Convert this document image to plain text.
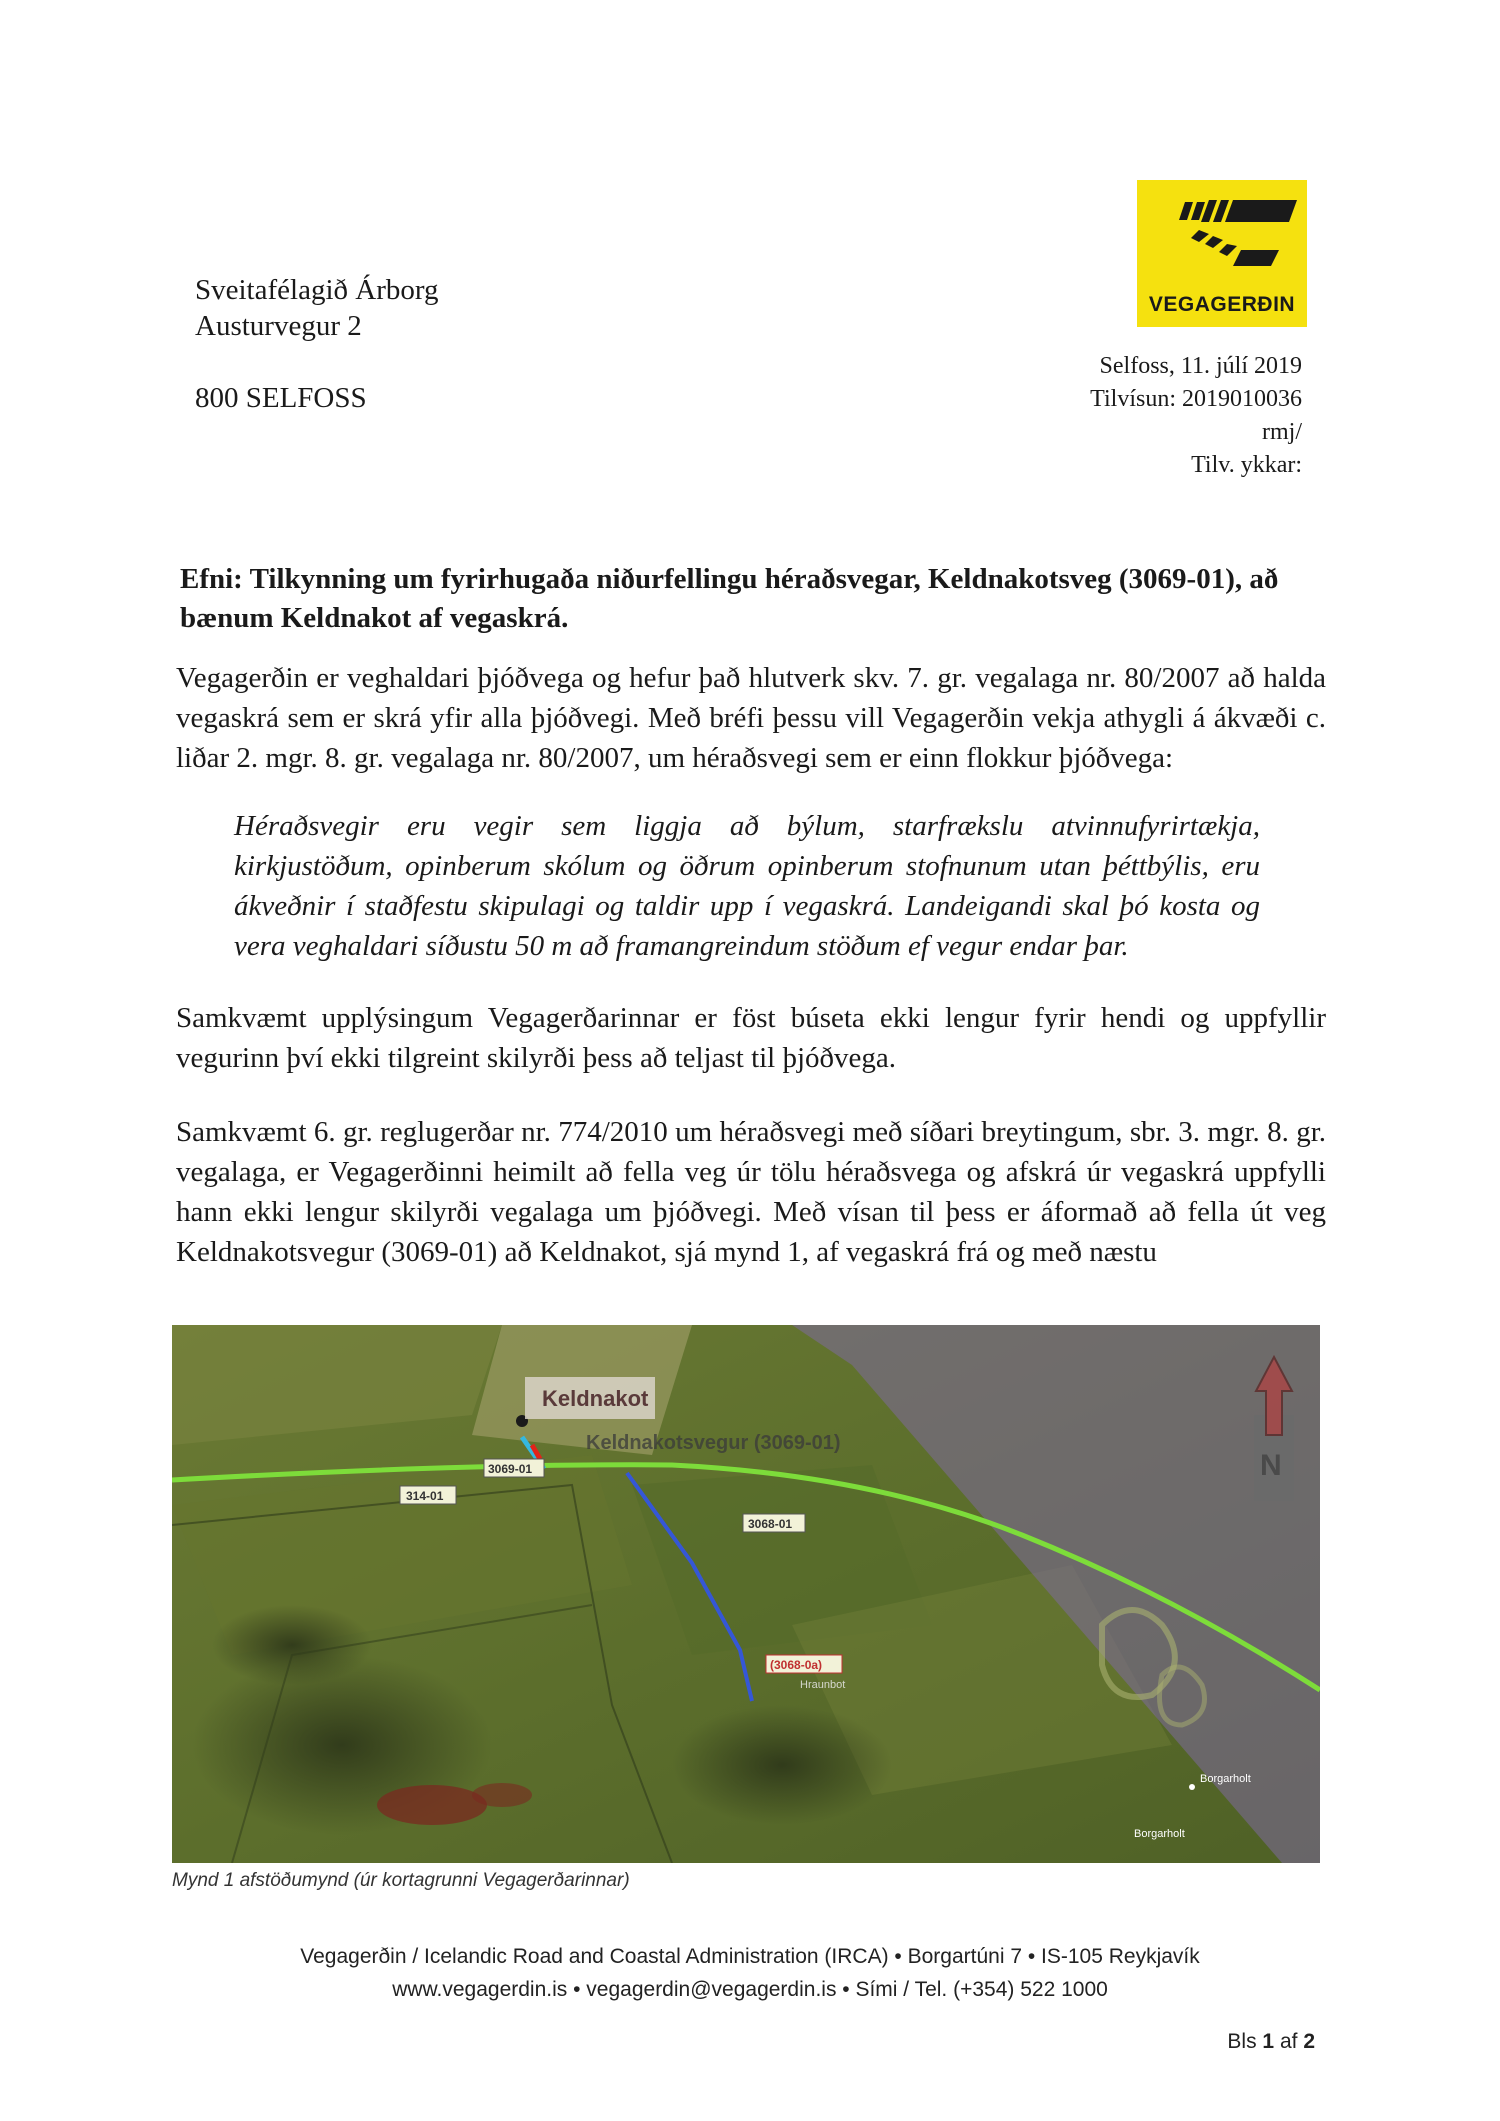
Sveitafélagið Árborg
Austurvegur 2
800 SELFOSS
VEGAGERÐIN
Selfoss, 11. júlí 2019
Tilvísun: 2019010036
rmj/
Tilv. ykkar:
Efni: Tilkynning um fyrirhugaða niðurfellingu héraðsvegar, Keldnakotsveg (3069-01), að bænum Keldnakot af vegaskrá.
Vegagerðin er veghaldari þjóðvega og hefur það hlutverk skv. 7. gr. vegalaga nr. 80/2007 að halda vegaskrá sem er skrá yfir alla þjóðvegi. Með bréfi þessu vill Vegagerðin vekja athygli á ákvæði c. liðar 2. mgr. 8. gr. vegalaga nr. 80/2007, um héraðsvegi sem er einn flokkur þjóðvega:
Héraðsvegir eru vegir sem liggja að býlum, starfrækslu atvinnufyrirtækja, kirkjustöðum, opinberum skólum og öðrum opinberum stofnunum utan þéttbýlis, eru ákveðnir í staðfestu skipulagi og taldir upp í vegaskrá. Landeigandi skal þó kosta og vera veghaldari síðustu 50 m að framangreindum stöðum ef vegur endar þar.
Samkvæmt upplýsingum Vegagerðarinnar er föst búseta ekki lengur fyrir hendi og uppfyllir vegurinn því ekki tilgreint skilyrði þess að teljast til þjóðvega.
Samkvæmt 6. gr. reglugerðar nr. 774/2010 um héraðsvegi með síðari breytingum, sbr. 3. mgr. 8. gr. vegalaga, er Vegagerðinni heimilt að fella veg úr tölu héraðsvega og afskrá úr vegaskrá uppfylli hann ekki lengur skilyrði vegalaga um þjóðvegi. Með vísan til þess er áformað að fella út veg Keldnakotsvegur (3069-01) að Keldnakot, sjá mynd 1, af vegaskrá frá og með næstu
Keldnakot
Keldnakotsvegur (3069-01)
3069-01
314-01
3068-01
(3068-0a)
Hraunbot
Borgarholt
Borgarholt
N
Mynd 1 afstöðumynd (úr kortagrunni Vegagerðarinnar)
Vegagerðin / Icelandic Road and Coastal Administration (IRCA) • Borgartúni 7 • IS-105 Reykjavík
www.vegagerdin.is • vegagerdin@vegagerdin.is • Sími / Tel. (+354) 522 1000
Bls 1 af 2
